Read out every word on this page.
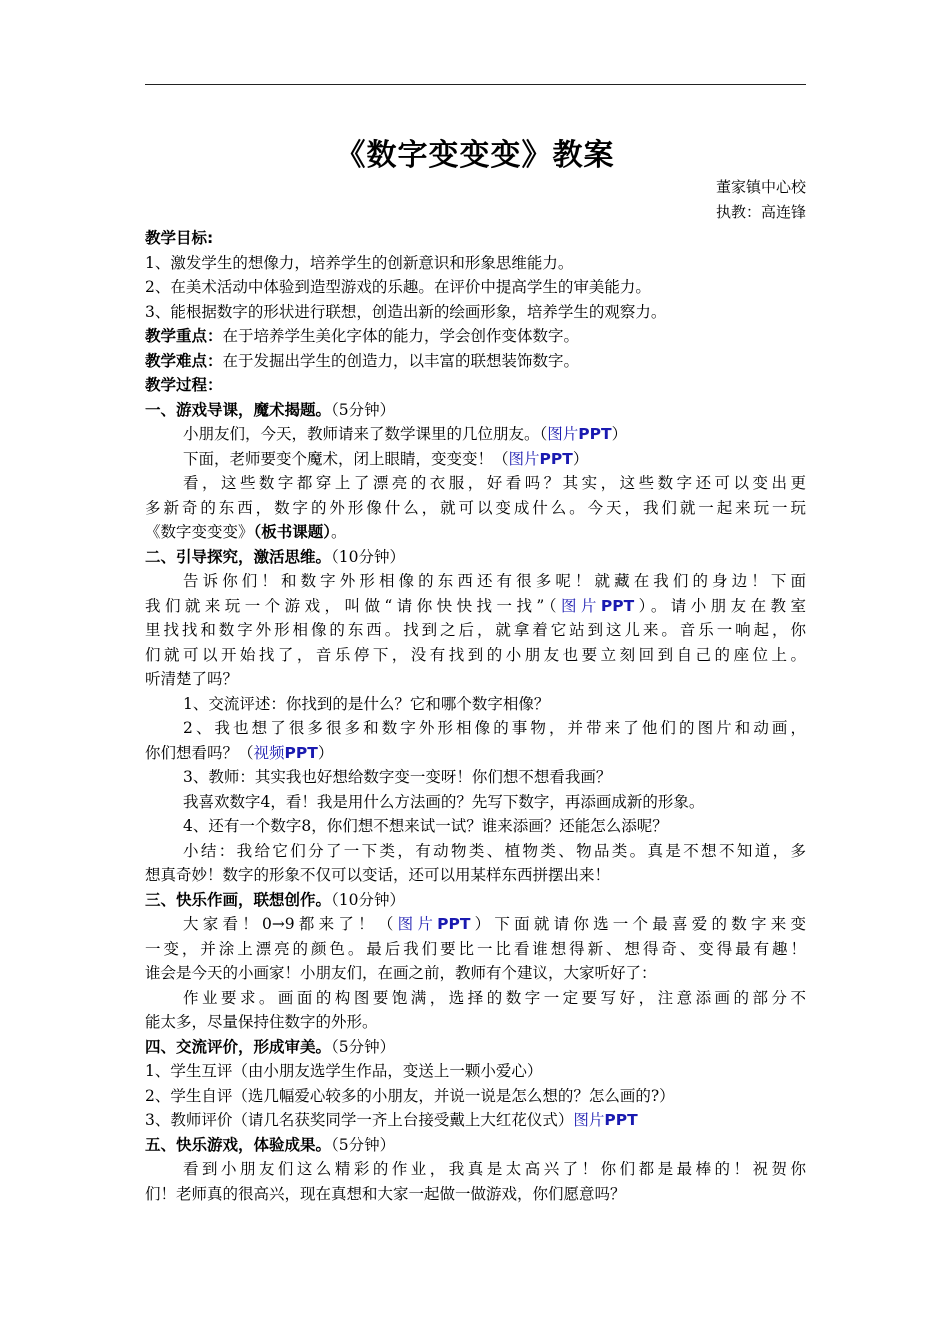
《数字变变变》教案
董家镇中心校
执教：高连锋
教学目标:
1、激发学生的想像力，培养学生的创新意识和形象思维能力。
2、在美术活动中体验到造型游戏的乐趣。在评价中提高学生的审美能力。
3、能根据数字的形状进行联想，创造出新的绘画形象，培养学生的观察力。
教学重点：在于培养学生美化字体的能力，学会创作变体数字。
教学难点：在于发掘出学生的创造力，以丰富的联想装饰数字。
教学过程：
一、游戏导课，魔术揭题。（5分钟）
小朋友们，今天，教师请来了数学课里的几位朋友。（图片PPT）
下面，老师要变个魔术，闭上眼睛，变变变！（图片PPT）
看，这些数字都穿上了漂亮的衣服，好看吗？其实，这些数字还可以变出更
多新奇的东西，数字的外形像什么，就可以变成什么。今天，我们就一起来玩一玩
《数字变变变》（板书课题）。
二、引导探究，激活思维。（10分钟）
告诉你们！和数字外形相像的东西还有很多呢！就藏在我们的身边！下面
我们就来玩一个游戏，叫做“请你快快找一找”（图片PPT）。请小朋友在教室
里找找和数字外形相像的东西。找到之后，就拿着它站到这儿来。音乐一响起，你
们就可以开始找了，音乐停下，没有找到的小朋友也要立刻回到自己的座位上。
听清楚了吗？
1、交流评述：你找到的是什么？它和哪个数字相像？
2、我也想了很多很多和数字外形相像的事物，并带来了他们的图片和动画，
你们想看吗？（视频PPT）
3、教师：其实我也好想给数字变一变呀！你们想不想看我画？
我喜欢数字4，看！我是用什么方法画的？先写下数字，再添画成新的形象。
4、还有一个数字8，你们想不想来试一试？谁来添画？还能怎么添呢？
小结：我给它们分了一下类，有动物类、植物类、物品类。真是不想不知道，多
想真奇妙！数字的形象不仅可以变话，还可以用某样东西拼摆出来！
三、快乐作画，联想创作。（10分钟）
大家看！0→9都来了！（图片PPT）下面就请你选一个最喜爱的数字来变
一变，并涂上漂亮的颜色。最后我们要比一比看谁想得新、想得奇、变得最有趣！
谁会是今天的小画家！小朋友们，在画之前，教师有个建议，大家听好了：
作业要求。画面的构图要饱满，选择的数字一定要写好，注意添画的部分不
能太多，尽量保持住数字的外形。
四、交流评价，形成审美。（5分钟）
1、学生互评（由小朋友选学生作品，变送上一颗小爱心）
2、学生自评（选几幅爱心较多的小朋友，并说一说是怎么想的？怎么画的?）
3、教师评价（请几名获奖同学一齐上台接受戴上大红花仪式）图片PPT
五、快乐游戏，体验成果。（5分钟）
看到小朋友们这么精彩的作业，我真是太高兴了！你们都是最棒的！祝贺你
们！老师真的很高兴，现在真想和大家一起做一做游戏，你们愿意吗？
